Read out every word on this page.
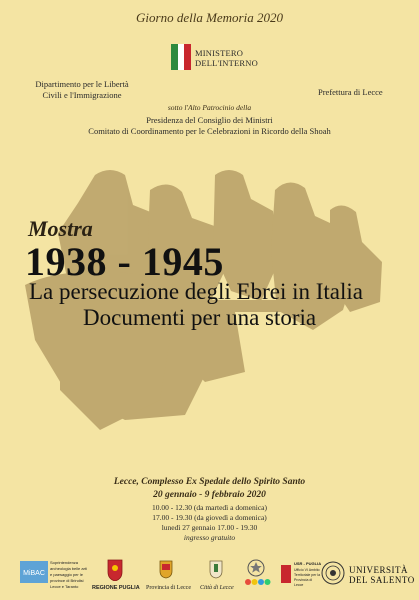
Giorno della Memoria 2020
MINISTERO
DELL'INTERNO
Dipartimento per le Libertà
Civili e l'Immigrazione	Prefettura di Lecce
sotto l'Alto Patrocinio della
Presidenza del Consiglio dei Ministri
Comitato di Coordinamento per le Celebrazioni in Ricordo della Shoah
Mostra
1938 - 1945
La persecuzione degli Ebrei in Italia
Documenti per una storia
Lecce, Complesso Ex Spedale dello Spirito Santo
20 gennaio - 9 febbraio 2020
10.00 - 12.30 (da martedì a domenica)
17.00 - 19.30 (da giovedì a domenica)
lunedì 27 gennaio 17.00 - 19.30
ingresso gratuito
MiBAC
Soprintendenza archeologia belle arti e paesaggio per le province di Brindisi Lecce e Taranto	REGIONE PUGLIA Provincia di Lecce Città di Lecce
USR - PUGLIA
Ufficio VI Ambito Territoriale per la Provincia di Lecce
UNIVERSITÀ
DEL SALENTO
